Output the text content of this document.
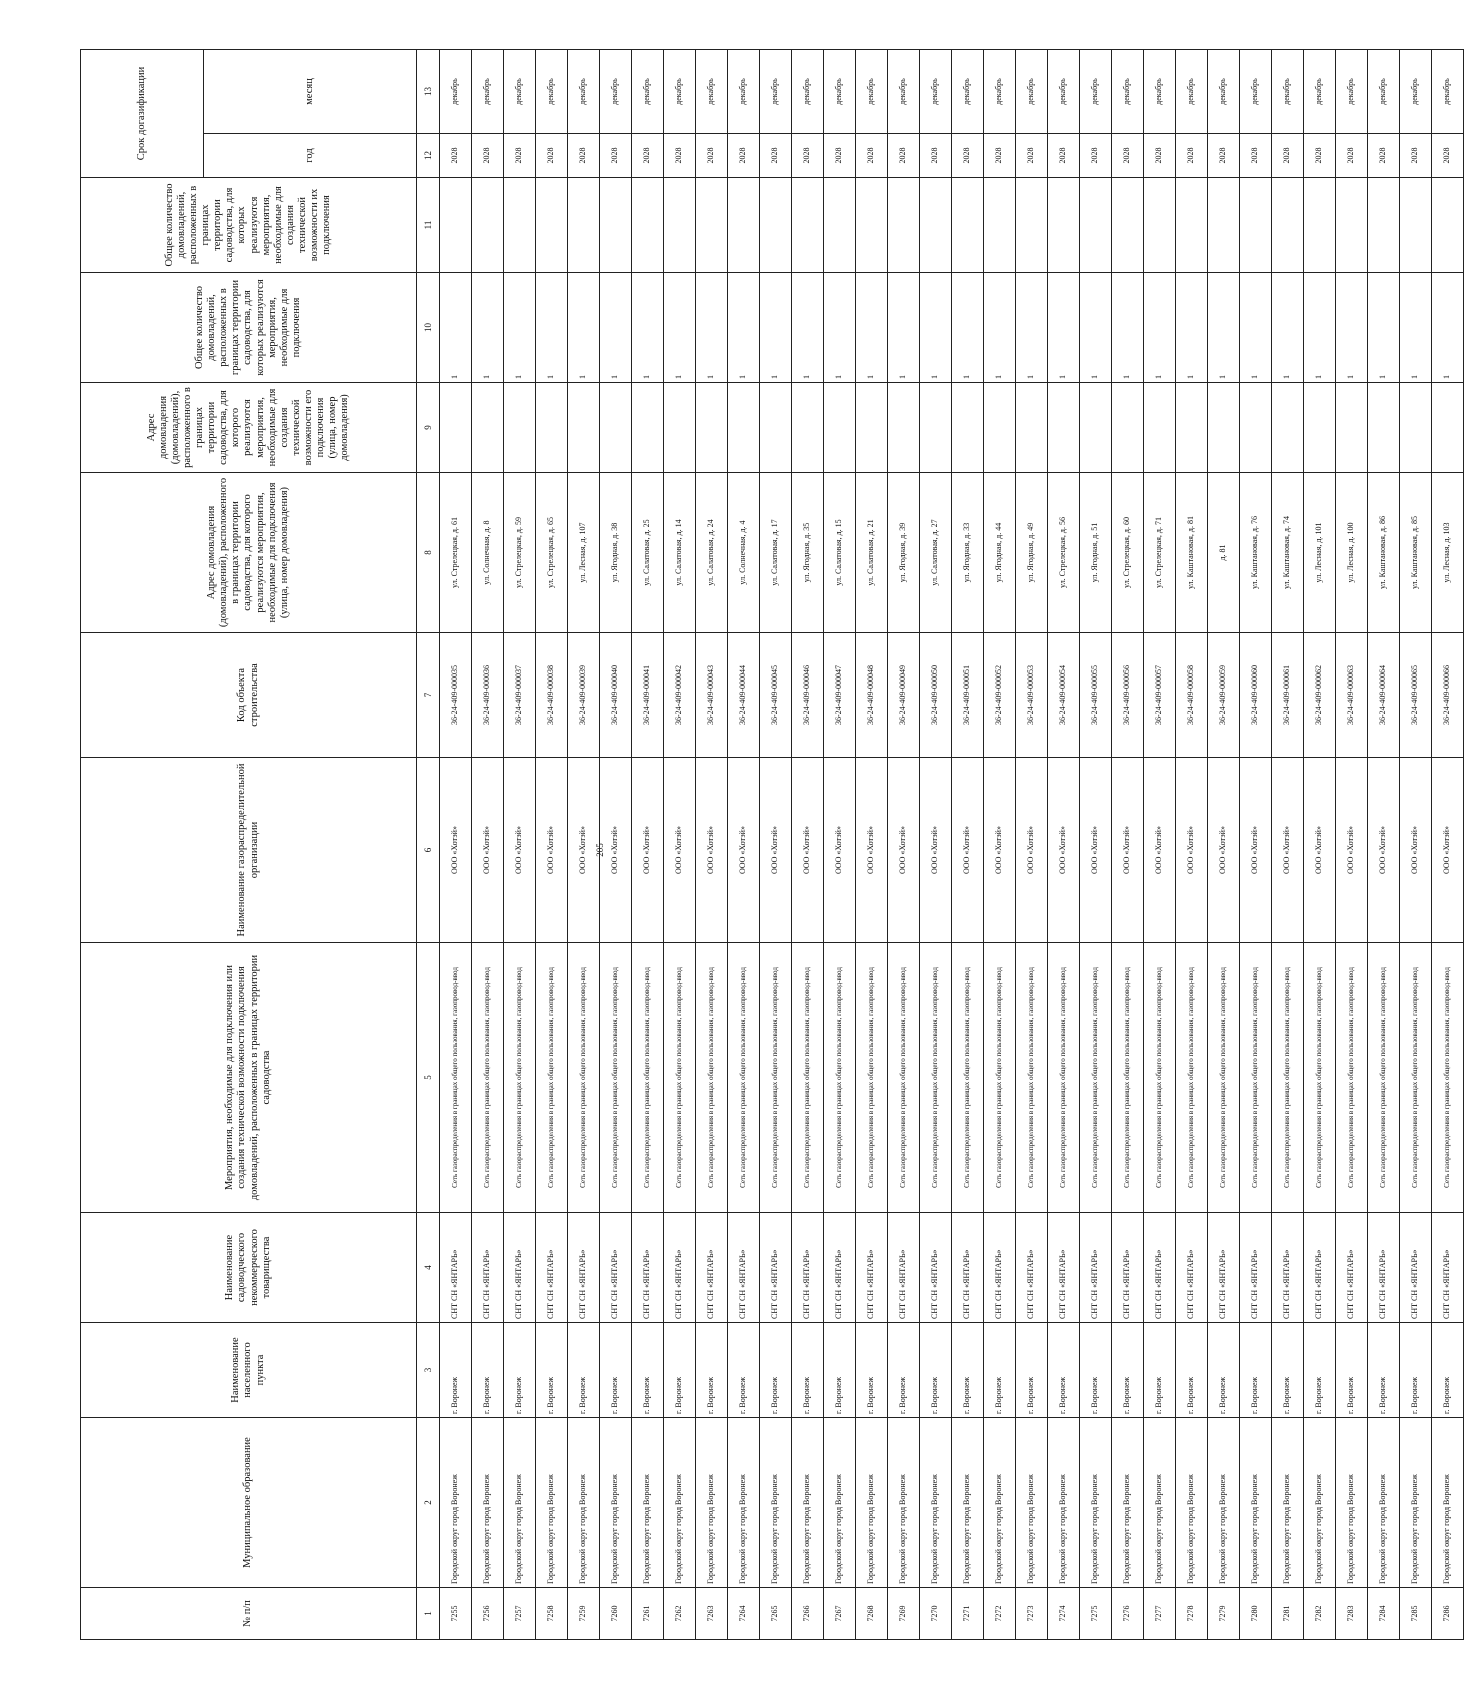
205
№ п/п	Муниципальное образование	Наименование населенного пункта	Наименование садоводческого некоммерческого товарищества	Мероприятия, необходимые для подключения или создания технической возможности подключения домовладений, расположенных в границах территории садоводства	Наименование газораспределительной организации	Код объекта строительства	Адрес домовладения (домовладений), расположенного в границах территории садоводства, для которого реализуются мероприятия, необходимые для подключения (улица, номер домовладения)	Адрес домовладения (домовладений), расположенного в границах территории садоводства, для которого реализуются мероприятия, необходимые для создания технической возможности его подключения (улица, номер домовладения)	Общее количество домовладений, расположенных в границах территории садоводства, для которых реализуются мероприятия, необходимые для подключения	Общее количество домовладений, расположенных в границах территории садоводства, для которых реализуются мероприятия, необходимые для создания технической возможности их подключения	Срок догазификации	
											год	месяц
1	2	3	4	5	6	7	8	9	10	11	12	13
7255	Городской округ город Воронеж	г. Воронеж	СНТ СН «ЯНТАРЬ»	Сеть газораспределения в границах общего пользования, газопровод-ввод	ООО «Хотэй»	36-24-409-000035	ул. Стрелецкая, д. 61		1		2028	декабрь
7256	Городской округ город Воронеж	г. Воронеж	СНТ СН «ЯНТАРЬ»	Сеть газораспределения в границах общего пользования, газопровод-ввод	ООО «Хотэй»	36-24-409-000036	ул. Солнечная, д. 8		1		2028	декабрь
7257	Городской округ город Воронеж	г. Воронеж	СНТ СН «ЯНТАРЬ»	Сеть газораспределения в границах общего пользования, газопровод-ввод	ООО «Хотэй»	36-24-409-000037	ул. Стрелецкая, д. 59		1		2028	декабрь
7258	Городской округ город Воронеж	г. Воронеж	СНТ СН «ЯНТАРЬ»	Сеть газораспределения в границах общего пользования, газопровод-ввод	ООО «Хотэй»	36-24-409-000038	ул. Стрелецкая, д. 65		1		2028	декабрь
7259	Городской округ город Воронеж	г. Воронеж	СНТ СН «ЯНТАРЬ»	Сеть газораспределения в границах общего пользования, газопровод-ввод	ООО «Хотэй»	36-24-409-000039	ул. Лесная, д. 107		1		2028	декабрь
7260	Городской округ город Воронеж	г. Воронеж	СНТ СН «ЯНТАРЬ»	Сеть газораспределения в границах общего пользования, газопровод-ввод	ООО «Хотэй»	36-24-409-000040	ул. Ягодная, д. 38		1		2028	декабрь
7261	Городской округ город Воронеж	г. Воронеж	СНТ СН «ЯНТАРЬ»	Сеть газораспределения в границах общего пользования, газопровод-ввод	ООО «Хотэй»	36-24-409-000041	ул. Салатовая, д. 25		1		2028	декабрь
7262	Городской округ город Воронеж	г. Воронеж	СНТ СН «ЯНТАРЬ»	Сеть газораспределения в границах общего пользования, газопровод-ввод	ООО «Хотэй»	36-24-409-000042	ул. Салатовая, д. 14		1		2028	декабрь
7263	Городской округ город Воронеж	г. Воронеж	СНТ СН «ЯНТАРЬ»	Сеть газораспределения в границах общего пользования, газопровод-ввод	ООО «Хотэй»	36-24-409-000043	ул. Салатовая, д. 24		1		2028	декабрь
7264	Городской округ город Воронеж	г. Воронеж	СНТ СН «ЯНТАРЬ»	Сеть газораспределения в границах общего пользования, газопровод-ввод	ООО «Хотэй»	36-24-409-000044	ул. Солнечная, д. 4		1		2028	декабрь
7265	Городской округ город Воронеж	г. Воронеж	СНТ СН «ЯНТАРЬ»	Сеть газораспределения в границах общего пользования, газопровод-ввод	ООО «Хотэй»	36-24-409-000045	ул. Салатовая, д. 17		1		2028	декабрь
7266	Городской округ город Воронеж	г. Воронеж	СНТ СН «ЯНТАРЬ»	Сеть газораспределения в границах общего пользования, газопровод-ввод	ООО «Хотэй»	36-24-409-000046	ул. Ягодная, д. 35		1		2028	декабрь
7267	Городской округ город Воронеж	г. Воронеж	СНТ СН «ЯНТАРЬ»	Сеть газораспределения в границах общего пользования, газопровод-ввод	ООО «Хотэй»	36-24-409-000047	ул. Салатовая, д. 15		1		2028	декабрь
7268	Городской округ город Воронеж	г. Воронеж	СНТ СН «ЯНТАРЬ»	Сеть газораспределения в границах общего пользования, газопровод-ввод	ООО «Хотэй»	36-24-409-000048	ул. Салатовая, д. 21		1		2028	декабрь
7269	Городской округ город Воронеж	г. Воронеж	СНТ СН «ЯНТАРЬ»	Сеть газораспределения в границах общего пользования, газопровод-ввод	ООО «Хотэй»	36-24-409-000049	ул. Ягодная, д. 39		1		2028	декабрь
7270	Городской округ город Воронеж	г. Воронеж	СНТ СН «ЯНТАРЬ»	Сеть газораспределения в границах общего пользования, газопровод-ввод	ООО «Хотэй»	36-24-409-000050	ул. Салатовая, д. 27		1		2028	декабрь
7271	Городской округ город Воронеж	г. Воронеж	СНТ СН «ЯНТАРЬ»	Сеть газораспределения в границах общего пользования, газопровод-ввод	ООО «Хотэй»	36-24-409-000051	ул. Ягодная, д. 33		1		2028	декабрь
7272	Городской округ город Воронеж	г. Воронеж	СНТ СН «ЯНТАРЬ»	Сеть газораспределения в границах общего пользования, газопровод-ввод	ООО «Хотэй»	36-24-409-000052	ул. Ягодная, д. 44		1		2028	декабрь
7273	Городской округ город Воронеж	г. Воронеж	СНТ СН «ЯНТАРЬ»	Сеть газораспределения в границах общего пользования, газопровод-ввод	ООО «Хотэй»	36-24-409-000053	ул. Ягодная, д. 49		1		2028	декабрь
7274	Городской округ город Воронеж	г. Воронеж	СНТ СН «ЯНТАРЬ»	Сеть газораспределения в границах общего пользования, газопровод-ввод	ООО «Хотэй»	36-24-409-000054	ул. Стрелецкая, д. 56		1		2028	декабрь
7275	Городской округ город Воронеж	г. Воронеж	СНТ СН «ЯНТАРЬ»	Сеть газораспределения в границах общего пользования, газопровод-ввод	ООО «Хотэй»	36-24-409-000055	ул. Ягодная, д. 51		1		2028	декабрь
7276	Городской округ город Воронеж	г. Воронеж	СНТ СН «ЯНТАРЬ»	Сеть газораспределения в границах общего пользования, газопровод-ввод	ООО «Хотэй»	36-24-409-000056	ул. Стрелецкая, д. 60		1		2028	декабрь
7277	Городской округ город Воронеж	г. Воронеж	СНТ СН «ЯНТАРЬ»	Сеть газораспределения в границах общего пользования, газопровод-ввод	ООО «Хотэй»	36-24-409-000057	ул. Стрелецкая, д. 71		1		2028	декабрь
7278	Городской округ город Воронеж	г. Воронеж	СНТ СН «ЯНТАРЬ»	Сеть газораспределения в границах общего пользования, газопровод-ввод	ООО «Хотэй»	36-24-409-000058	ул. Каштановая, д. 81		1		2028	декабрь
7279	Городской округ город Воронеж	г. Воронеж	СНТ СН «ЯНТАРЬ»	Сеть газораспределения в границах общего пользования, газопровод-ввод	ООО «Хотэй»	36-24-409-000059	д. 81		1		2028	декабрь
7280	Городской округ город Воронеж	г. Воронеж	СНТ СН «ЯНТАРЬ»	Сеть газораспределения в границах общего пользования, газопровод-ввод	ООО «Хотэй»	36-24-409-000060	ул. Каштановая, д. 76		1		2028	декабрь
7281	Городской округ город Воронеж	г. Воронеж	СНТ СН «ЯНТАРЬ»	Сеть газораспределения в границах общего пользования, газопровод-ввод	ООО «Хотэй»	36-24-409-000061	ул. Каштановая, д. 74		1		2028	декабрь
7282	Городской округ город Воронеж	г. Воронеж	СНТ СН «ЯНТАРЬ»	Сеть газораспределения в границах общего пользования, газопровод-ввод	ООО «Хотэй»	36-24-409-000062	ул. Лесная, д. 101		1		2028	декабрь
7283	Городской округ город Воронеж	г. Воронеж	СНТ СН «ЯНТАРЬ»	Сеть газораспределения в границах общего пользования, газопровод-ввод	ООО «Хотэй»	36-24-409-000063	ул. Лесная, д. 100		1		2028	декабрь
7284	Городской округ город Воронеж	г. Воронеж	СНТ СН «ЯНТАРЬ»	Сеть газораспределения в границах общего пользования, газопровод-ввод	ООО «Хотэй»	36-24-409-000064	ул. Каштановая, д. 86		1		2028	декабрь
7285	Городской округ город Воронеж	г. Воронеж	СНТ СН «ЯНТАРЬ»	Сеть газораспределения в границах общего пользования, газопровод-ввод	ООО «Хотэй»	36-24-409-000065	ул. Каштановая, д. 85		1		2028	декабрь
7286	Городской округ город Воронеж	г. Воронеж	СНТ СН «ЯНТАРЬ»	Сеть газораспределения в границах общего пользования, газопровод-ввод	ООО «Хотэй»	36-24-409-000066	ул. Лесная, д. 103		1		2028	декабрь
